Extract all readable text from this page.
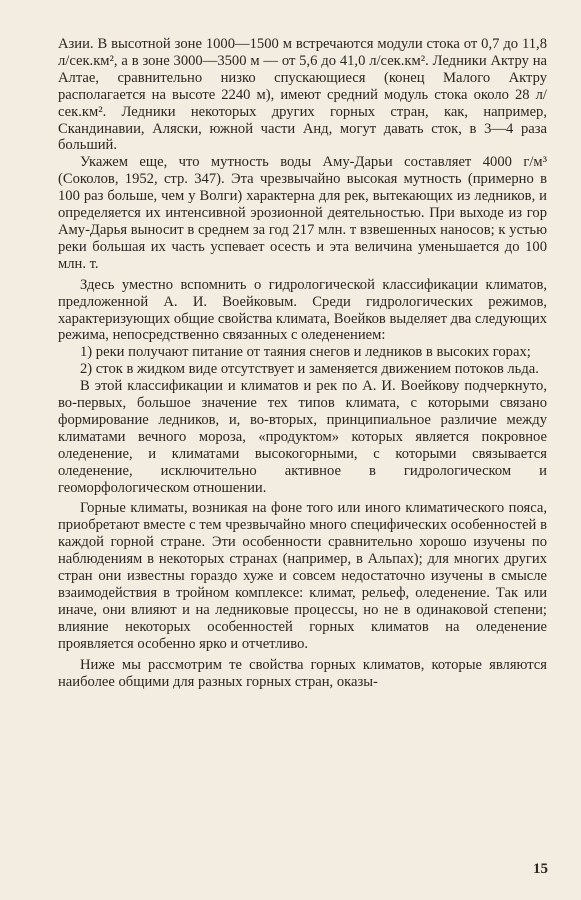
Азии. В высотной зоне 1000—1500 м встречаются модули стока от 0,7 до 11,8 л/сек.км², а в зоне 3000—3500 м — от 5,6 до 41,0 л/сек.км². Ледники Актру на Алтае, сравнительно низко спускающиеся (конец Малого Актру располагается на высоте 2240 м), имеют средний модуль стока около 28 л/сек.км². Ледники некоторых других горных стран, как, например, Скандинавии, Аляски, южной части Анд, могут давать сток, в 3—4 раза больший.

Укажем еще, что мутность воды Аму-Дарьи составляет 4000 г/м³ (Соколов, 1952, стр. 347). Эта чрезвычайно высокая мутность (примерно в 100 раз больше, чем у Волги) характерна для рек, вытекающих из ледников, и определяется их интенсивной эрозионной деятельностью. При выходе из гор Аму-Дарья выносит в среднем за год 217 млн. т взвешенных наносов; к устью реки большая их часть успевает осесть и эта величина уменьшается до 100 млн. т.

Здесь уместно вспомнить о гидрологической классификации климатов, предложенной А. И. Воейковым. Среди гидрологических режимов, характеризующих общие свойства климата, Воейков выделяет два следующих режима, непосредственно связанных с оледенением:

1) реки получают питание от таяния снегов и ледников в высоких горах;

2) сток в жидком виде отсутствует и заменяется движением потоков льда.

В этой классификации и климатов и рек по А. И. Воейкову подчеркнуто, во-первых, большое значение тех типов климата, с которыми связано формирование ледников, и, во-вторых, принципиальное различие между климатами вечного мороза, «продуктом» которых является покровное оледенение, и климатами высокогорными, с которыми связывается оледенение, исключительно активное в гидрологическом и геоморфологическом отношении.

Горные климаты, возникая на фоне того или иного климатического пояса, приобретают вместе с тем чрезвычайно много специфических особенностей в каждой горной стране. Эти особенности сравнительно хорошо изучены по наблюдениям в некоторых странах (например, в Альпах); для многих других стран они известны гораздо хуже и совсем недостаточно изучены в смысле взаимодействия в тройном комплексе: климат, рельеф, оледенение. Так или иначе, они влияют и на ледниковые процессы, но не в одинаковой степени; влияние некоторых особенностей горных климатов на оледенение проявляется особенно ярко и отчетливо.

Ниже мы рассмотрим те свойства горных климатов, которые являются наиболее общими для разных горных стран, оказы-

15
